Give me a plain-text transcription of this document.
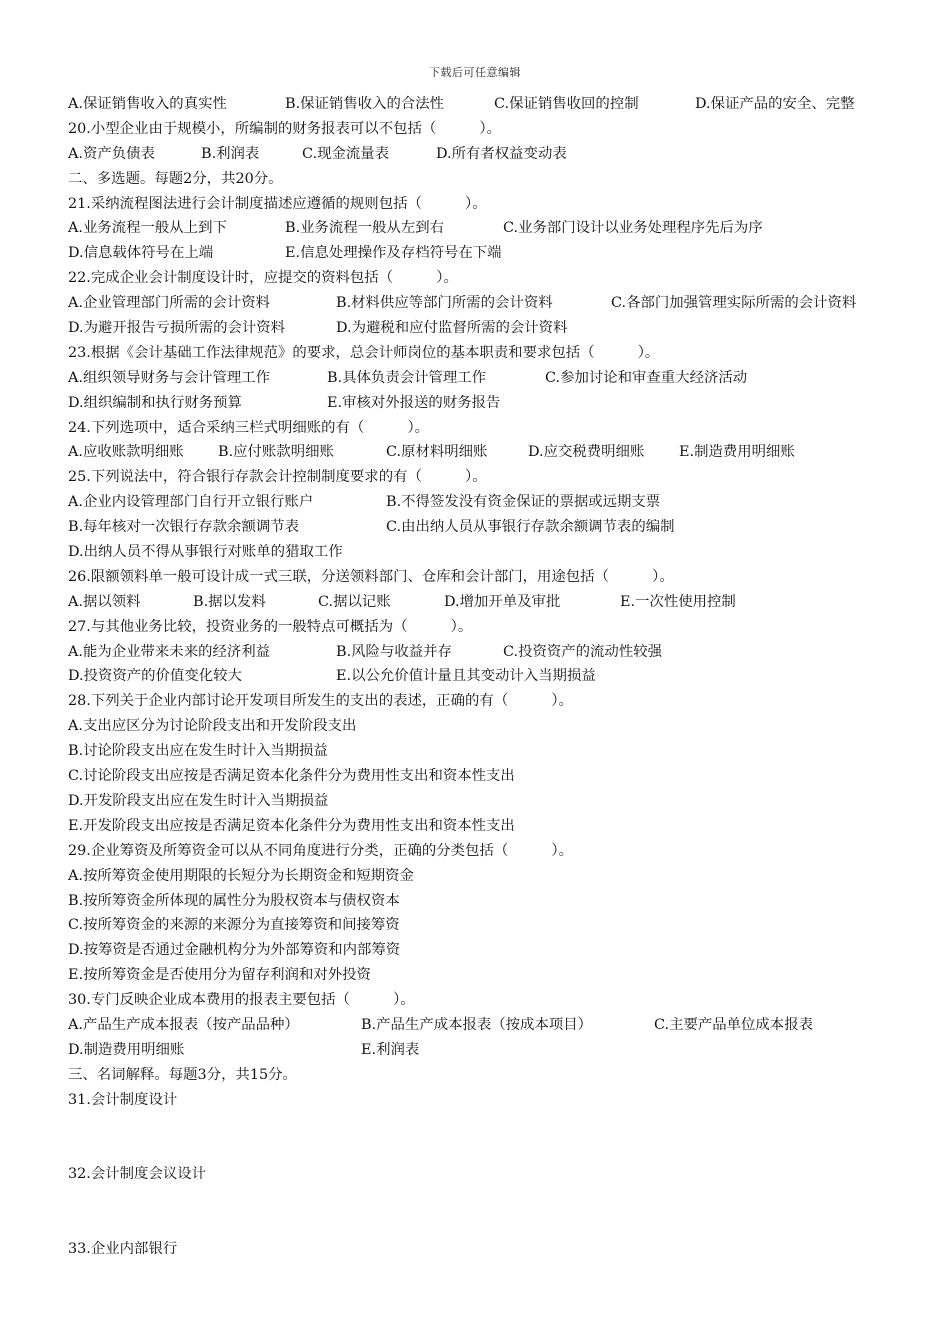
下载后可任意编辑
A.保证销售收入的真实性	B.保证销售收入的合法性	C.保证销售收回的控制	D.保证产品的安全、完整
20.小型企业由于规模小，所编制的财务报表可以不包括（　　　）。
A.资产负债表	B.利润表	C.现金流量表	D.所有者权益变动表
二、多选题。每题2分，共20分。
21.采纳流程图法进行会计制度描述应遵循的规则包括（　　　）。
A.业务流程一般从上到下	B.业务流程一般从左到右	C.业务部门设计以业务处理程序先后为序
D.信息载体符号在上端	E.信息处理操作及存档符号在下端
22.完成企业会计制度设计时，应提交的资料包括（　　　）。
A.企业管理部门所需的会计资料	B.材料供应等部门所需的会计资料	C.各部门加强管理实际所需的会计资料
D.为避开报告亏损所需的会计资料	D.为避税和应付监督所需的会计资料
23.根据《会计基础工作法律规范》的要求，总会计师岗位的基本职责和要求包括（　　　）。
A.组织领导财务与会计管理工作	B.具体负责会计管理工作	C.参加讨论和审查重大经济活动
D.组织编制和执行财务预算	E.审核对外报送的财务报告
24.下列选项中，适合采纳三栏式明细账的有（　　　）。
A.应收账款明细账 B.应付账款明细账	C.原材料明细账	D.应交税费明细账 E.制造费用明细账
25.下列说法中，符合银行存款会计控制制度要求的有（　　　）。
A.企业内设管理部门自行开立银行账户	B.不得签发没有资金保证的票据或远期支票
B.每年核对一次银行存款余额调节表	C.由出纳人员从事银行存款余额调节表的编制
D.出纳人员不得从事银行对账单的猎取工作
26.限额领料单一般可设计成一式三联，分送领料部门、仓库和会计部门，用途包括（　　　）。
A.据以领料	B.据以发料	C.据以记账	D.增加开单及审批	E.一次性使用控制
27.与其他业务比较，投资业务的一般特点可概括为（　　　）。
A.能为企业带来未来的经济利益	B.风险与收益并存	C.投资资产的流动性较强
D.投资资产的价值变化较大	E.以公允价值计量且其变动计入当期损益
28.下列关于企业内部讨论开发项目所发生的支出的表述，正确的有（　　　）。
A.支出应区分为讨论阶段支出和开发阶段支出
B.讨论阶段支出应在发生时计入当期损益
C.讨论阶段支出应按是否满足资本化条件分为费用性支出和资本性支出
D.开发阶段支出应在发生时计入当期损益
E.开发阶段支出应按是否满足资本化条件分为费用性支出和资本性支出
29.企业筹资及所筹资金可以从不同角度进行分类，正确的分类包括（　　　）。
A.按所筹资金使用期限的长短分为长期资金和短期资金
B.按所筹资金所体现的属性分为股权资本与债权资本
C.按所筹资金的来源的来源分为直接筹资和间接筹资
D.按筹资是否通过金融机构分为外部筹资和内部筹资
E.按所筹资金是否使用分为留存利润和对外投资
30.专门反映企业成本费用的报表主要包括（　　　）。
A.产品生产成本报表（按产品品种）	B.产品生产成本报表（按成本项目）	C.主要产品单位成本报表
D.制造费用明细账	E.利润表
三、名词解释。每题3分，共15分。
31.会计制度设计
32.会计制度会议设计
33.企业内部银行
